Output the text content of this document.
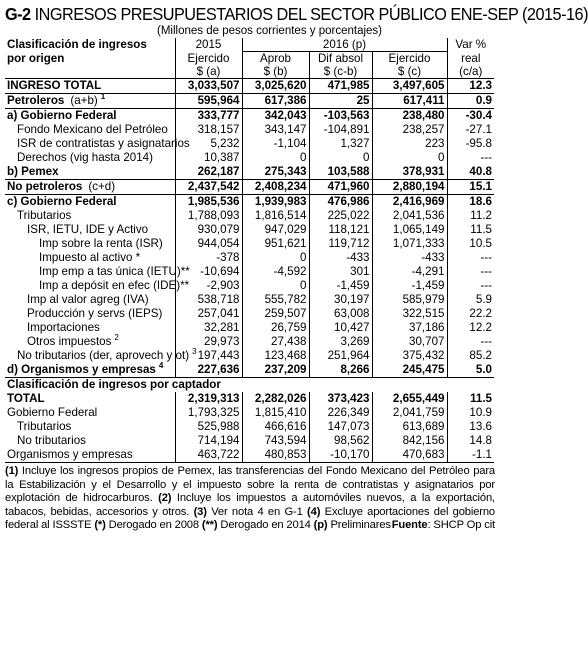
G-2 INGRESOS PRESUPUESTARIOS DEL SECTOR PÚBLICO ENE-SEP (2015-16)
(Millones de pesos corrientes y porcentajes)
Clasificación de ingresos	2015	2016 (p)			Var %
por origen	Ejercido	Aprob	Dif absol	Ejercido	real
	$ (a)	$ (b)	$ (c-b)	$ (c)	(c/a)
INGRESO TOTAL	3,033,507	3,025,620	471,985	3,497,605	12.3
Petroleros (a+b) $^1$	595,964	617,386	25	617,411	0.9
a) Gobierno Federal	333,777	342,043	-103,563	238,480	-30.4
Fondo Mexicano del Petróleo	318,157	343,147	-104,891	238,257	-27.1
ISR de contratistas y asignatarios	5,232	-1,104	1,327	223	-95.8
Derechos (vig hasta 2014)	10,387	0	0	0	---
b) Pemex	262,187	275,343	103,588	378,931	40.8
No petroleros (c+d)	2,437,542	2,408,234	471,960	2,880,194	15.1
c) Gobierno Federal	1,985,536	1,939,983	476,986	2,416,969	18.6
Tributarios	1,788,093	1,816,514	225,022	2,041,536	11.2
ISR, IETU, IDE y Activo	930,079	947,029	118,121	1,065,149	11.5
Imp sobre la renta (ISR)	944,054	951,621	119,712	1,071,333	10.5
Impuesto al activo *	-378	0	-433	-433	---
Imp emp a tas única (IETU)**	-10,694	-4,592	301	-4,291	---
Imp a depósit en efec (IDE)**	-2,903	0	-1,459	-1,459	---
Imp al valor agreg (IVA)	538,718	555,782	30,197	585,979	5.9
Producción y servs (IEPS)	257,041	259,507	63,008	322,515	22.2
Importaciones	32,281	26,759	10,427	37,186	12.2
Otros impuestos $^2$	29,973	27,438	3,269	30,707	---
No tributarios (der, aprovech y ot) $^3$	197,443	123,468	251,964	375,432	85.2
d) Organismos y empresas $^4$	227,636	237,209	8,266	245,475	5.0
Clasificación de ingresos por captador					
TOTAL	2,319,313	2,282,026	373,423	2,655,449	11.5
Gobierno Federal	1,793,325	1,815,410	226,349	2,041,759	10.9
Tributarios	525,988	466,616	147,073	613,689	13.6
No tributarios	714,194	743,594	98,562	842,156	14.8
Organismos y empresas	463,722	480,853	-10,170	470,683	-1.1
(1) Incluye los ingresos propios de Pemex, las transferencias del Fondo Mexicano del Petróleo para la Estabilización y el Desarrollo y el impuesto sobre la renta de contratistas y asignatarios por explotación de hidrocarburos. (2) Incluye los impuestos a automóviles nuevos, a la exportación, tabacos, bebidas, accesorios y otros. (3) Ver nota 4 en G-1 (4) Excluye aportaciones del gobierno federal al ISSSTE (*) Derogado en 2008 (**) Derogado en 2014 (p) Preliminares Fuente: SHCP Op cit
